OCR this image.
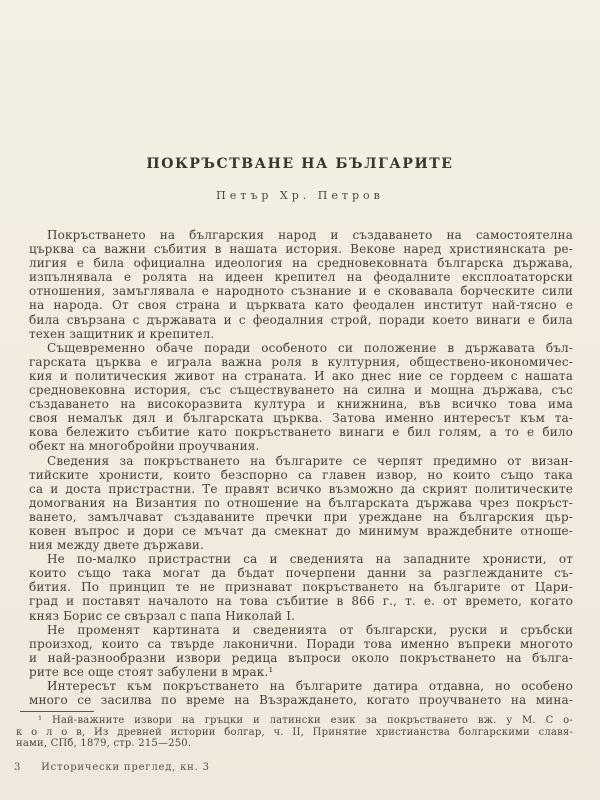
ПОКРЪСТВАНЕ НА БЪЛГАРИТЕ
Петър Хр. Петров
Покръстването на българския народ и създаването на самостоятелна
църква са важни събития в нашата история. Векове наред християнската ре-
лигия е била официална идеология на средновековната българска държава,
изпълнявала е ролята на идеен крепител на феодалните експлоататорски
отношения, замъглявала е народното съзнание и е сковавала борческите сили
на народа. От своя страна и църквата като феодален институт най-тясно е
била свързана с държавата и с феодалния строй, поради което винаги е била
техен защитник и крепител.
Същевременно обаче поради особеното си положение в държавата бъл-
гарската църква е играла важна роля в културния, обществено-икономичес-
кия и политическия живот на страната. И ако днес ние се гордеем с нашата
средновековна история, със съществуването на силна и мощна държава, със
създаването на високоразвита култура и книжнина, във всичко това има
своя немалък дял и българската църква. Затова именно интересът към та-
кова бележито събитие като покръстването винаги е бил голям, а то е било
обект на многобройни проучвания.
Сведения за покръстването на българите се черпят предимно от визан-
тийските хронисти, които безспорно са главен извор, но които също така
са и доста пристрастни. Те правят всичко възможно да скрият политическите
домогвания на Византия по отношение на българската държава чрез покръст-
ването, замълчават създаваните пречки при уреждане на българския цър-
ковен въпрос и дори се мъчат да смекнат до минимум враждебните отноше-
ния между двете държави.
Не по-малко пристрастни са и сведенията на западните хронисти, от
които също така могат да бъдат почерпени данни за разглежданите съ-
бития. По принцип те не признават покръстването на българите от Цари-
град и поставят началото на това събитие в 866 г., т. е. от времето, когато
княз Борис се свързал с папа Николай I.
Не променят картината и сведенията от български, руски и сръбски
произход, които са твърде лаконични. Поради това именно въпреки многото
и най-разнообразни извори редица въпроси около покръстването на бълга-
рите все още стоят забулени в мрак.¹
Интересът към покръстването на българите датира отдавна, но особено
много се засилва по време на Възраждането, когато проучването на мина-
¹ Най-важните извори на гръцки и латински език за покръстването вж. у М. С о-
к о л о в, Из древней истории болгар, ч. II, Принятие христианства болгарскими славя-
нами, СПб, 1879, стр. 215—250.
3 Исторически преглед, кн. 3
